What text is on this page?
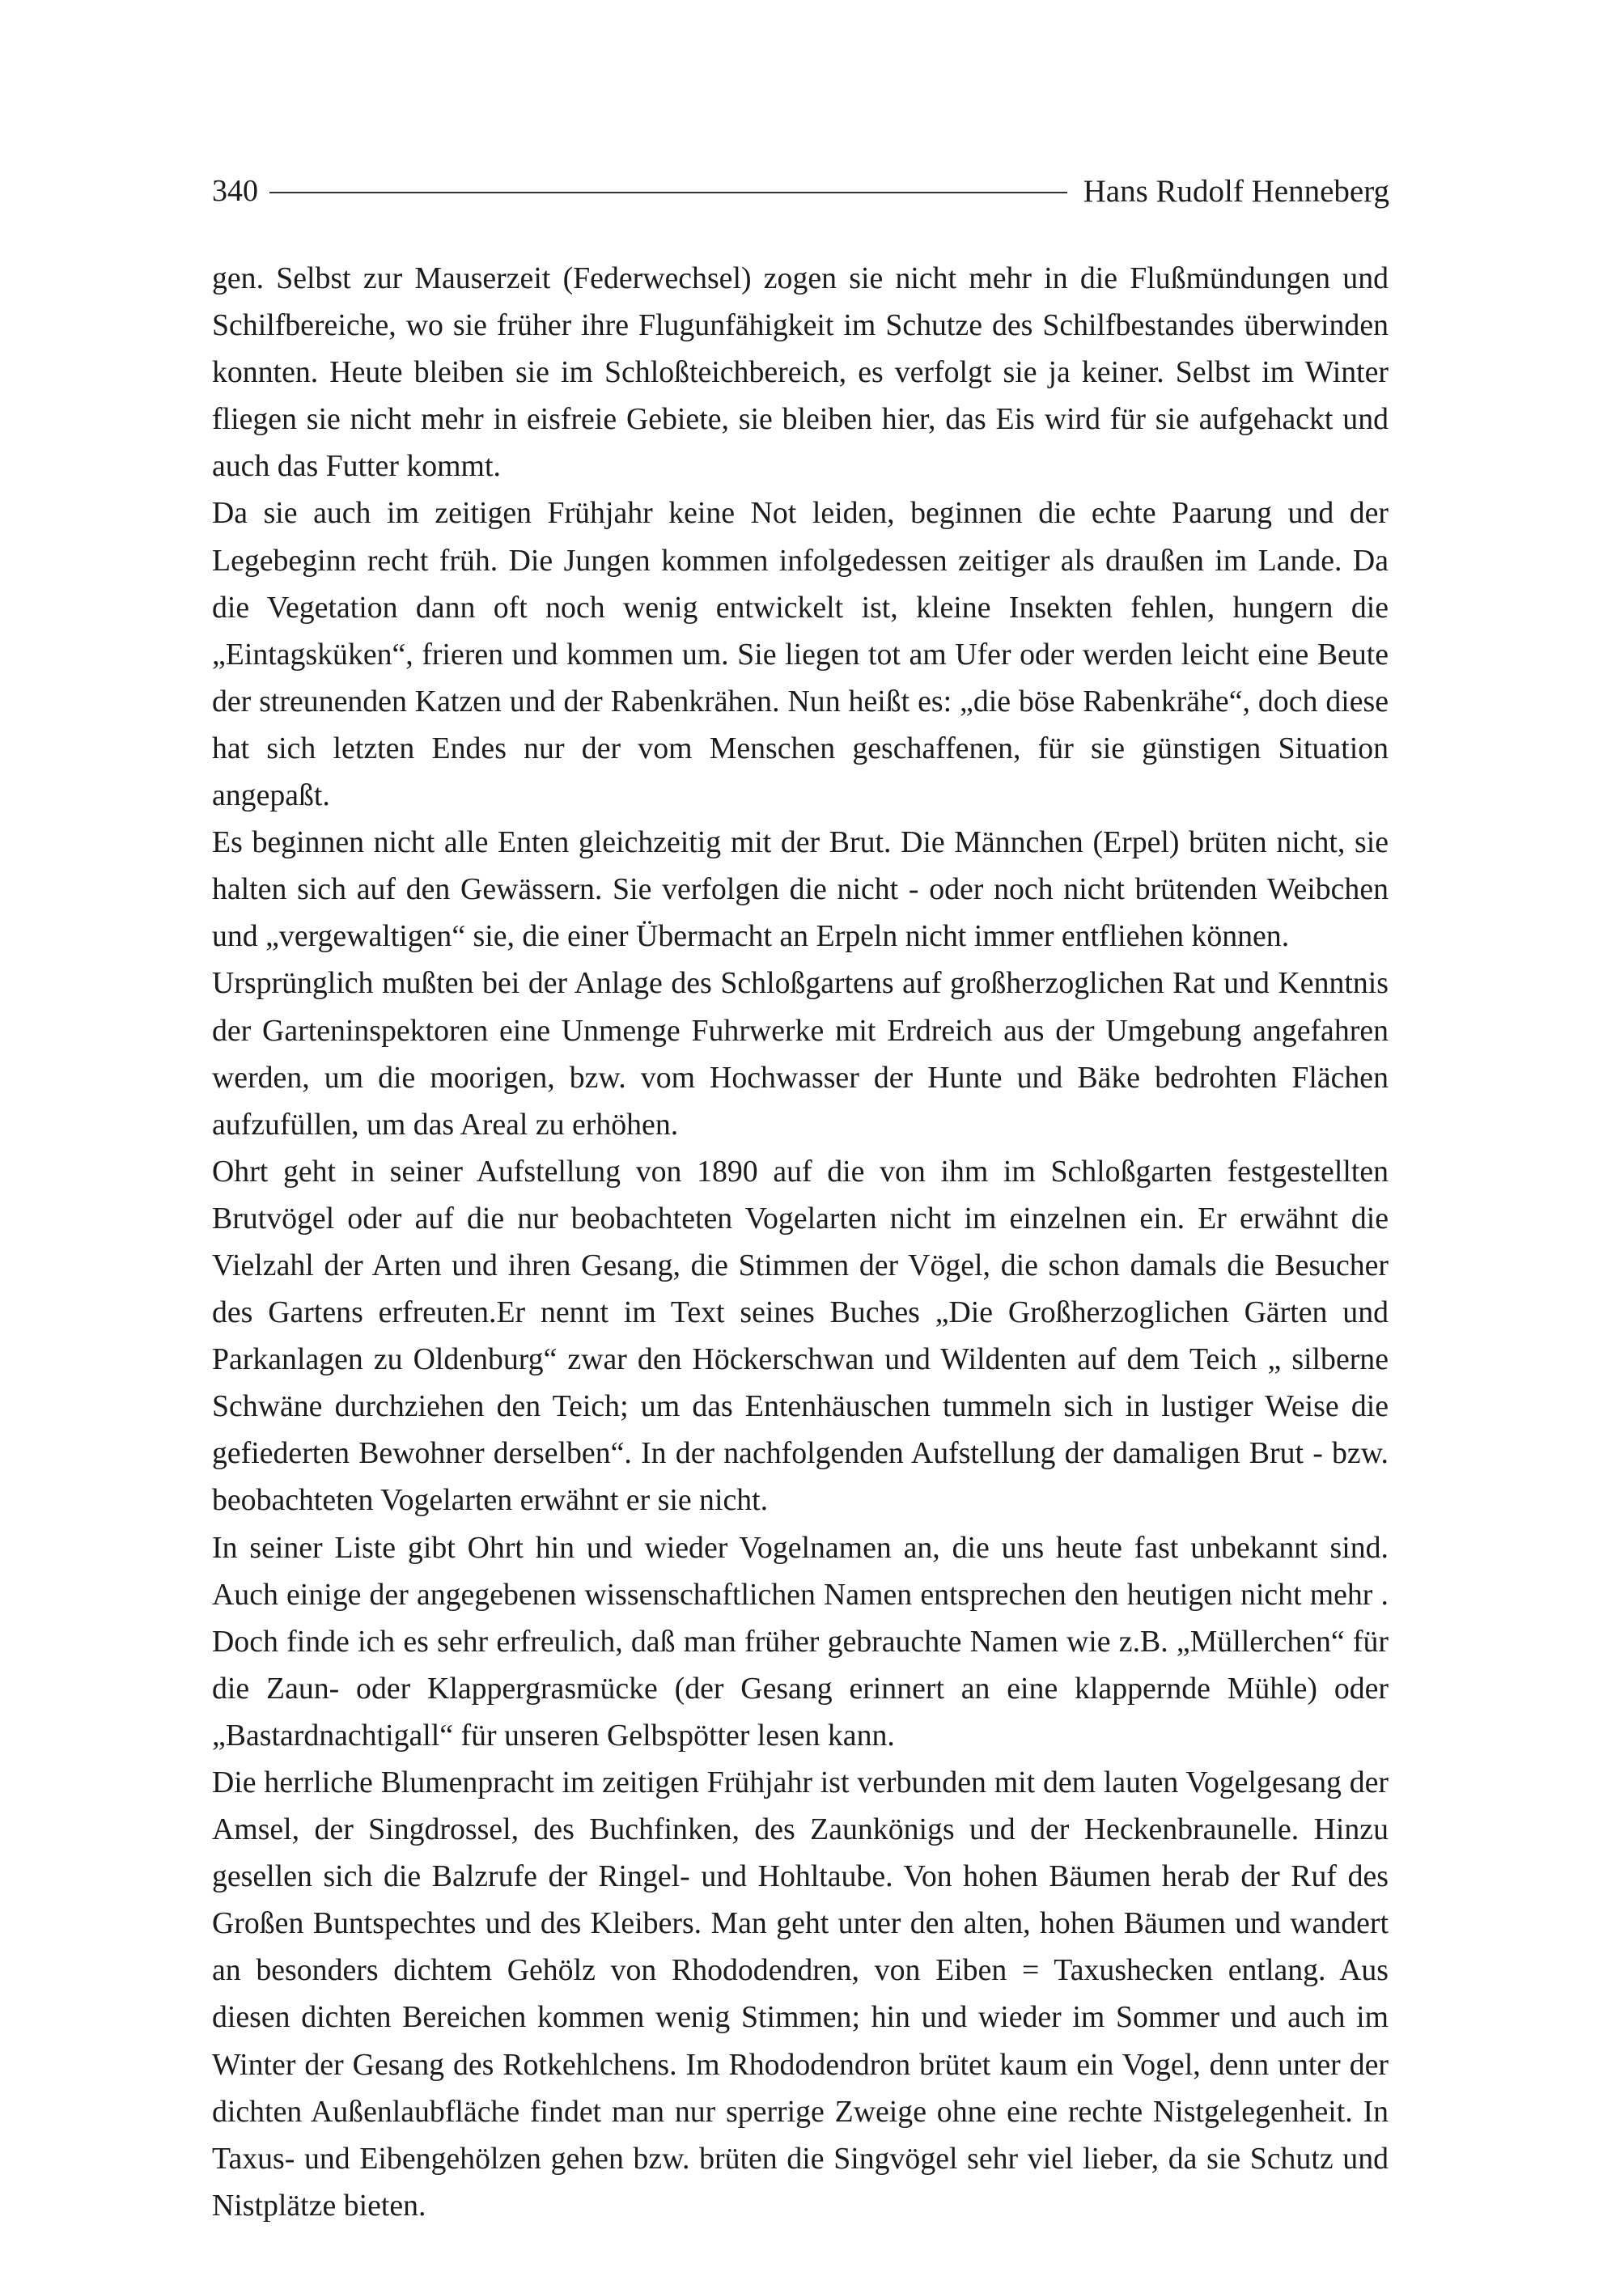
340	Hans Rudolf Henneberg

gen. Selbst zur Mauserzeit (Federwechsel) zogen sie nicht mehr in die Flußmündungen und Schilfbereiche, wo sie früher ihre Flugunfähigkeit im Schutze des Schilfbestandes überwinden konnten. Heute bleiben sie im Schloßteichbereich, es verfolgt sie ja keiner. Selbst im Winter fliegen sie nicht mehr in eisfreie Gebiete, sie bleiben hier, das Eis wird für sie aufgehackt und auch das Futter kommt.

Da sie auch im zeitigen Frühjahr keine Not leiden, beginnen die echte Paarung und der Legebeginn recht früh. Die Jungen kommen infolgedessen zeitiger als draußen im Lande. Da die Vegetation dann oft noch wenig entwickelt ist, kleine Insekten fehlen, hungern die „Eintagsküken“, frieren und kommen um. Sie liegen tot am Ufer oder werden leicht eine Beute der streunenden Katzen und der Rabenkrähen. Nun heißt es: „die böse Rabenkrähe“, doch diese hat sich letzten Endes nur der vom Menschen geschaffenen, für sie günstigen Situation angepaßt.

Es beginnen nicht alle Enten gleichzeitig mit der Brut. Die Männchen (Erpel) brüten nicht, sie halten sich auf den Gewässern. Sie verfolgen die nicht - oder noch nicht brütenden Weibchen und „vergewaltigen“ sie, die einer Übermacht an Erpeln nicht immer entfliehen können.

Ursprünglich mußten bei der Anlage des Schloßgartens auf großherzoglichen Rat und Kenntnis der Garteninspektoren eine Unmenge Fuhrwerke mit Erdreich aus der Umgebung angefahren werden, um die moorigen, bzw. vom Hochwasser der Hunte und Bäke bedrohten Flächen aufzufüllen, um das Areal zu erhöhen.

Ohrt geht in seiner Aufstellung von 1890 auf die von ihm im Schloßgarten festgestellten Brutvögel oder auf die nur beobachteten Vogelarten nicht im einzelnen ein. Er erwähnt die Vielzahl der Arten und ihren Gesang, die Stimmen der Vögel, die schon damals die Besucher des Gartens erfreuten.Er nennt im Text seines Buches „Die Großherzoglichen Gärten und Parkanlagen zu Oldenburg“ zwar den Höckerschwan und Wildenten auf dem Teich „ silberne Schwäne durchziehen den Teich; um das Entenhäuschen tummeln sich in lustiger Weise die gefiederten Bewohner derselben“. In der nachfolgenden Aufstellung der damaligen Brut - bzw. beobachteten Vogelarten erwähnt er sie nicht.

In seiner Liste gibt Ohrt hin und wieder Vogelnamen an, die uns heute fast unbekannt sind. Auch einige der angegebenen wissenschaftlichen Namen entsprechen den heutigen nicht mehr . Doch finde ich es sehr erfreulich, daß man früher gebrauchte Namen wie z.B. „Müllerchen“ für die Zaun- oder Klappergrasmücke (der Gesang erinnert an eine klappernde Mühle) oder „Bastardnachtigall“ für unseren Gelbspötter lesen kann.

Die herrliche Blumenpracht im zeitigen Frühjahr ist verbunden mit dem lauten Vogelgesang der Amsel, der Singdrossel, des Buchfinken, des Zaunkönigs und der Heckenbraunelle. Hinzu gesellen sich die Balzrufe der Ringel- und Hohltaube. Von hohen Bäumen herab der Ruf des Großen Buntspechtes und des Kleibers. Man geht unter den alten, hohen Bäumen und wandert an besonders dichtem Gehölz von Rhododendren, von Eiben = Taxushecken entlang. Aus diesen dichten Bereichen kommen wenig Stimmen; hin und wieder im Sommer und auch im Winter der Gesang des Rotkehlchens. Im Rhododendron brütet kaum ein Vogel, denn unter der dichten Außenlaubfläche findet man nur sperrige Zweige ohne eine rechte Nistgelegenheit. In Taxus- und Eibengehölzen gehen bzw. brüten die Singvögel sehr viel lieber, da sie Schutz und Nistplätze bieten.
